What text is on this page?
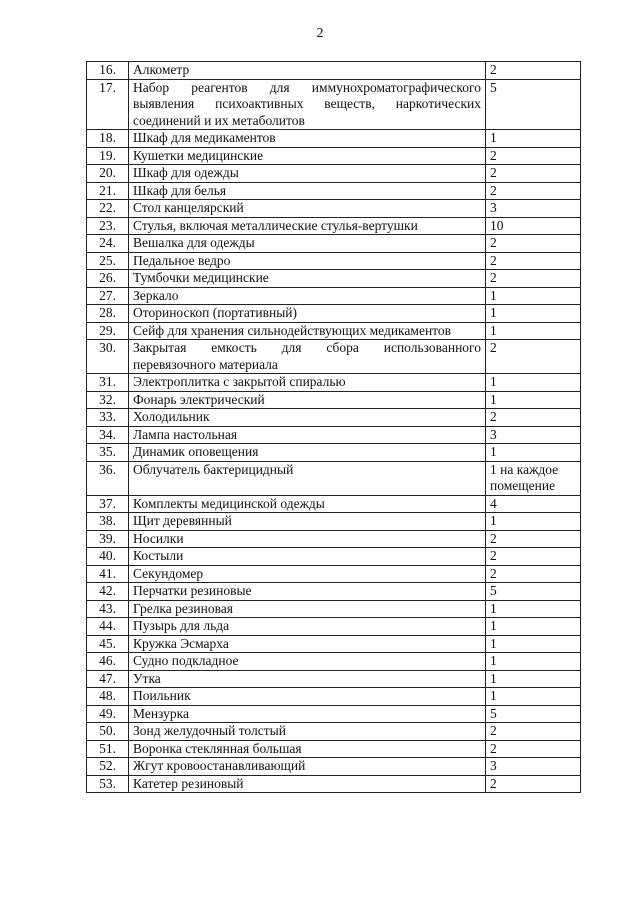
2
16.	Алкометр	2
17.	Набор реагентов для иммунохроматографического выявления психоактивных веществ, наркотических соединений и их метаболитов	5
18.	Шкаф для медикаментов	1
19.	Кушетки медицинские	2
20.	Шкаф для одежды	2
21.	Шкаф для белья	2
22.	Стол канцелярский	3
23.	Стулья, включая металлические стулья-вертушки	10
24.	Вешалка для одежды	2
25.	Педальное ведро	2
26.	Тумбочки медицинские	2
27.	Зеркало	1
28.	Оториноскоп (портативный)	1
29.	Сейф для хранения сильнодействующих медикаментов	1
30.	Закрытая емкость для сбора использованного перевязочного материала	2
31.	Электроплитка с закрытой спиралью	1
32.	Фонарь электрический	1
33.	Холодильник	2
34.	Лампа настольная	3
35.	Динамик оповещения	1
36.	Облучатель бактерицидный	1 на каждое помещение
37.	Комплекты медицинской одежды	4
38.	Щит деревянный	1
39.	Носилки	2
40.	Костыли	2
41.	Секундомер	2
42.	Перчатки резиновые	5
43.	Грелка резиновая	1
44.	Пузырь для льда	1
45.	Кружка Эсмарха	1
46.	Судно подкладное	1
47.	Утка	1
48.	Поильник	1
49.	Мензурка	5
50.	Зонд желудочный толстый	2
51.	Воронка стеклянная большая	2
52.	Жгут кровоостанавливающий	3
53.	Катетер резиновый	2
